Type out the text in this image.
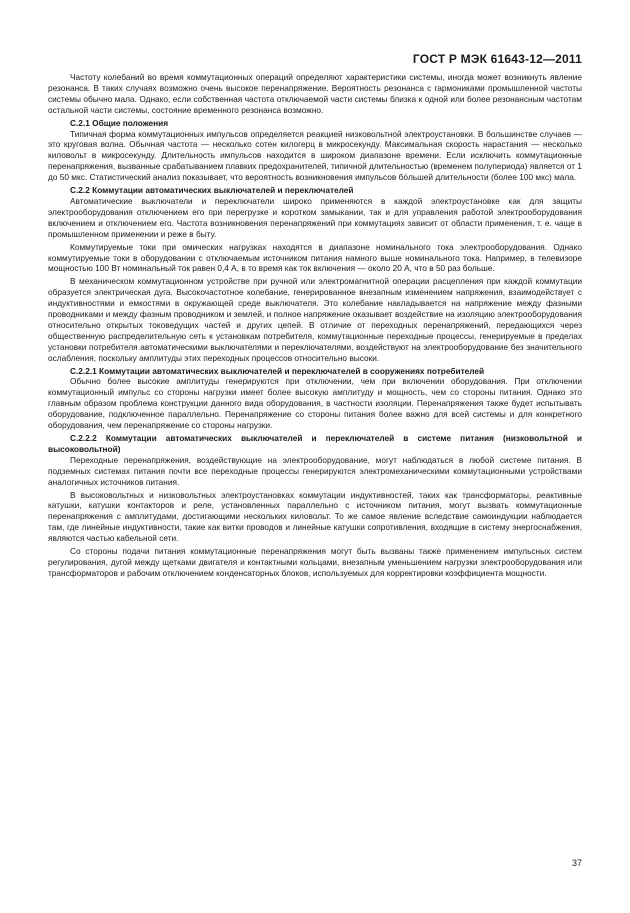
ГОСТ Р МЭК 61643-12—2011

Частоту колебаний во время коммутационных операций определяют характеристики системы, иногда может возникнуть явление резонанса. В таких случаях возможно очень высокое перенапряжение. Вероятность резонанса с гармониками промышленной частоты системы обычно мала. Однако, если собственная частота отключаемой части системы близка к одной или более резонансным частотам остальной части системы, состояние временного резонанса возможно.

С.2.1 Общие положения

Типичная форма коммутационных импульсов определяется реакцией низковольтной электроустановки. В большинстве случаев — это круговая волна. Обычная частота — несколько сотен килогерц в микросекунду. Максимальная скорость нарастания — несколько киловольт в микросекунду. Длительность импульсов находится в широком диапазоне времени. Если исключить коммутационные перенапряжения, вызванные срабатыванием плавких предохранителей, типичной длительностью (временем полупериода) является от 1 до 50 мкс. Статистический анализ показывает, что вероятность возникновения импульсов бо́льшей длительности (более 100 мкс) мала.

С.2.2 Коммутации автоматических выключателей и переключателей

Автоматические выключатели и переключатели широко применяются в каждой электроустановке как для защиты электрооборудования отключением его при перегрузке и коротком замыкании, так и для управления работой электрооборудования включением и отключением его. Частота возникновения перенапряжений при коммутациях зависит от области применения, т. е. чаще в промышленном применении и реже в быту.

Коммутируемые токи при омических нагрузках находятся в диапазоне номинального тока электрооборудования. Однако коммутируемые токи в оборудовании с отключаемым источником питания намного выше номинального тока. Например, в телевизоре мощностью 100 Вт номинальный ток равен 0,4 А, в то время как ток включения — около 20 А, что в 50 раз больше.

В механическом коммутационном устройстве при ручной или электромагнитной операции расцепления при каждой коммутации образуется электрическая дуга. Высокочастотное колебание, генерированное внезапным изменением напряжения, взаимодействует с индуктивностями и емкостями в окружающей среде выключателя. Это колебание накладывается на напряжение между фазными проводниками и между фазным проводником и землей, и полное напряжение оказывает воздействие на изоляцию электрооборудования относительно открытых токоведущих частей и других цепей. В отличие от переходных перенапряжений, передающихся через общественную распределительную сеть к установкам потребителя, коммутационные переходные процессы, генерируемые в пределах установки потребителя автоматическими выключателями и переключателями, воздействуют на электрооборудование без значительного ослабления, поскольку амплитуды этих переходных процессов относительно высоки.

С.2.2.1 Коммутации автоматических выключателей и переключателей в сооружениях потребителей

Обычно более высокие амплитуды генерируются при отключении, чем при включении оборудования. При отключении коммутационный импульс со стороны нагрузки имеет более высокую амплитуду и мощность, чем со стороны питания. Однако это главным образом проблема конструкции данного вида оборудования, в частности изоляции. Перенапряжения также будет испытывать оборудование, подключенное параллельно. Перенапряжение со стороны питания более важно для всей системы и для конкретного оборудования, чем перенапряжение со стороны нагрузки.

С.2.2.2 Коммутации автоматических выключателей и переключателей в системе питания (низковольтной и высоковольтной)

Переходные перенапряжения, воздействующие на электрооборудование, могут наблюдаться в любой системе питания. В подземных системах питания почти все переходные процессы генерируются электромеханическими коммутационными устройствами аналогичных источников питания.

В высоковольтных и низковольтных электроустановках коммутации индуктивностей, таких как трансформаторы, реактивные катушки, катушки контакторов и реле, установленных параллельно с источником питания, могут вызвать коммутационные перенапряжения с амплитудами, достигающими нескольких киловольт. То же самое явление вследствие самоиндукции наблюдается там, где линейные индуктивности, такие как витки проводов и линейные катушки сопротивления, входящие в систему энергоснабжения, являются частью кабельной сети.

Со стороны подачи питания коммутационные перенапряжения могут быть вызваны также применением импульсных систем регулирования, дугой между щетками двигателя и контактными кольцами, внезапным уменьшением нагрузки электрооборудования или трансформаторов и рабочим отключением конденсаторных блоков, используемых для корректировки коэффициента мощности.

37
